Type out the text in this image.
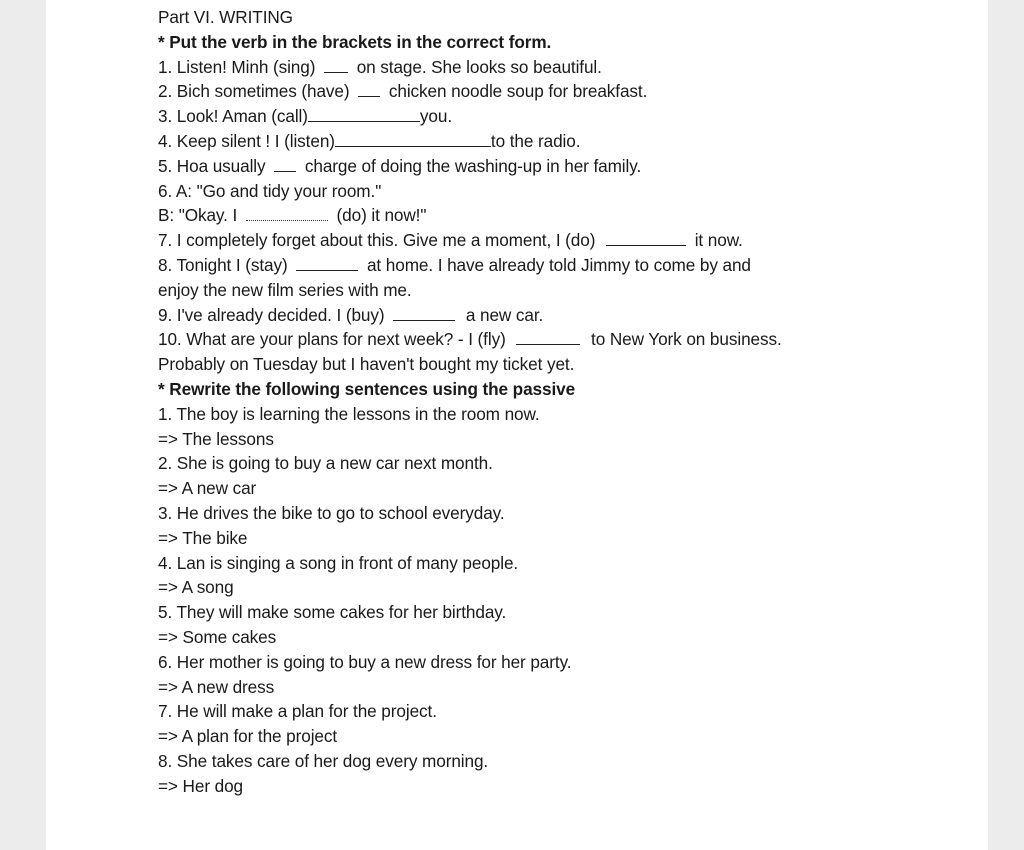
Part VI. WRITING
* Put the verb in the brackets in the correct form.
1. Listen! Minh (sing)  on stage. She looks so beautiful.
2. Bich sometimes (have)  chicken noodle soup for breakfast.
3. Look! Aman (call)	you.
4. Keep silent ! I (listen)	to the radio.
5. Hoa usually  charge of doing the washing-up in her family.
6. A: "Go and tidy your room."
B: "Okay. I	(do) it now!"
7. I completely forget about this. Give me a moment, I (do)	it now.
8. Tonight I (stay)	at home. I have already told Jimmy to come by and
enjoy the new film series with me.
9. I've already decided. I (buy)	a new car.
10. What are your plans for next week? - I (fly)	to New York on business.
Probably on Tuesday but I haven't bought my ticket yet.
* Rewrite the following sentences using the passive
1. The boy is learning the lessons in the room now.
=> The lessons
2. She is going to buy a new car next month.
=> A new car
3. He drives the bike to go to school everyday.
=> The bike
4. Lan is singing a song in front of many people.
=> A song
5. They will make some cakes for her birthday.
=> Some cakes
6. Her mother is going to buy a new dress for her party.
=> A new dress
7. He will make a plan for the project.
=> A plan for the project
8. She takes care of her dog every morning.
=> Her dog
